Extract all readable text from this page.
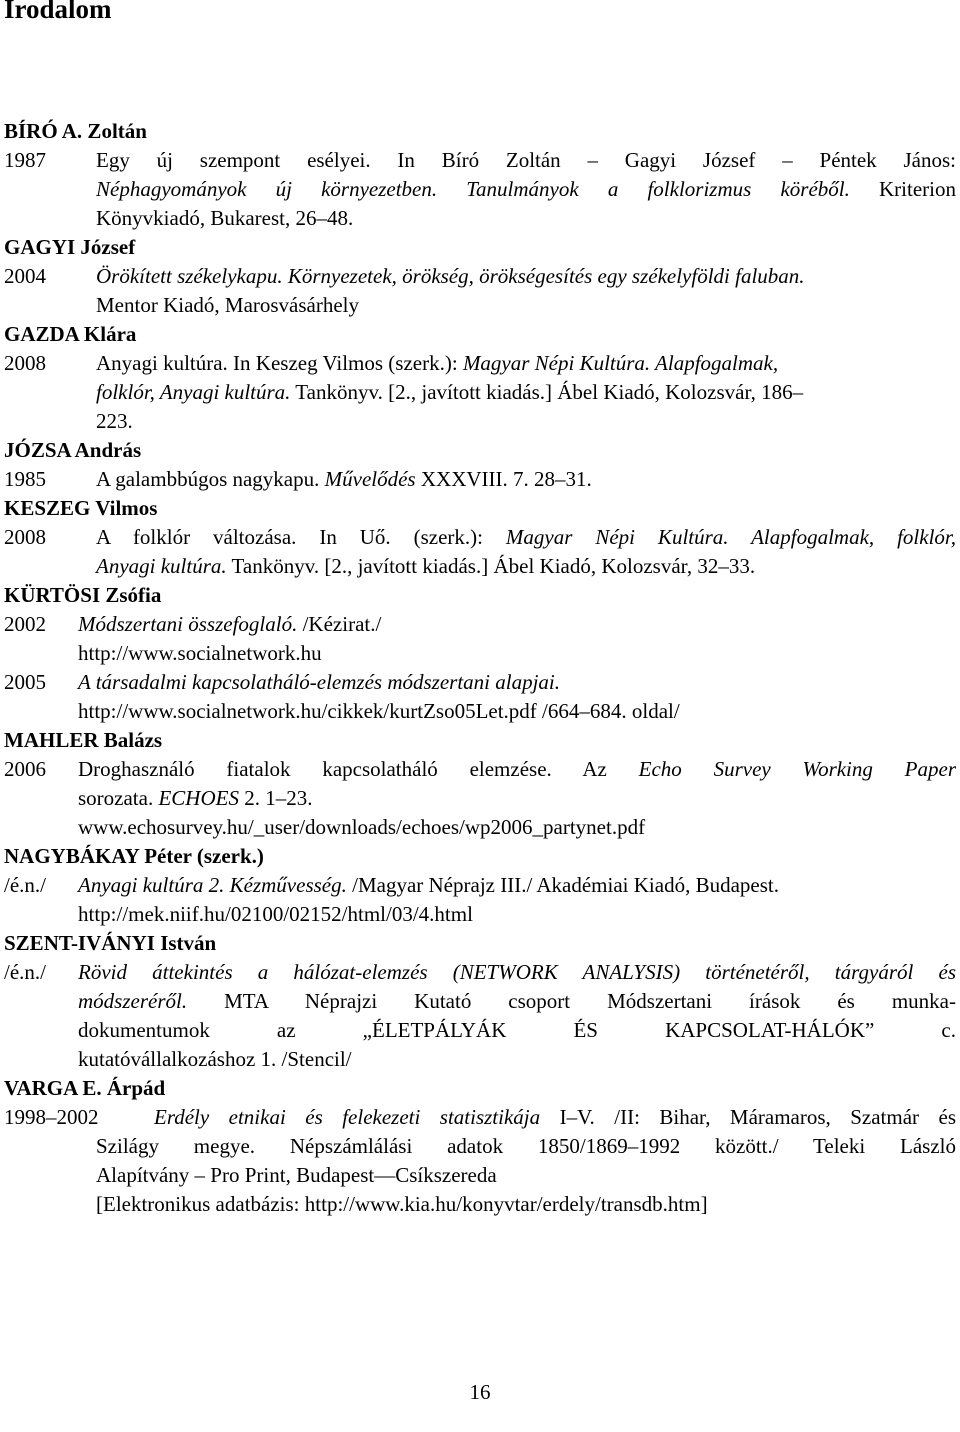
Irodalom
BÍRÓ A. Zoltán
1987 Egy új szempont esélyei. In Bíró Zoltán – Gagyi József – Péntek János:
Néphagyományok új környezetben. Tanulmányok a folklorizmus köréből. Kriterion
Könyvkiadó, Bukarest, 26–48.
GAGYI József
2004 Örökített székelykapu. Környezetek, örökség, örökségesítés egy székelyföldi faluban.
Mentor Kiadó, Marosvásárhely
GAZDA Klára
2008 Anyagi kultúra. In Keszeg Vilmos (szerk.): Magyar Népi Kultúra. Alapfogalmak,
folklór, Anyagi kultúra. Tankönyv. [2., javított kiadás.] Ábel Kiadó, Kolozsvár, 186–
223.
JÓZSA András
1985 A galambbúgos nagykapu. Művelődés XXXVIII. 7. 28–31.
KESZEG Vilmos
2008 A folklór változása. In Uő. (szerk.): Magyar Népi Kultúra. Alapfogalmak, folklór,
Anyagi kultúra. Tankönyv. [2., javított kiadás.] Ábel Kiadó, Kolozsvár, 32–33.
KÜRTÖSI Zsófia
2002 Módszertani összefoglaló. /Kézirat./
http://www.socialnetwork.hu
2005 A társadalmi kapcsolatháló-elemzés módszertani alapjai.
http://www.socialnetwork.hu/cikkek/kurtZso05Let.pdf /664–684. oldal/
MAHLER Balázs
2006 Droghasználó fiatalok kapcsolatháló elemzése. Az Echo Survey Working Paper
sorozata. ECHOES 2. 1–23.
www.echosurvey.hu/_user/downloads/echoes/wp2006_partynet.pdf
NAGYBÁKAY Péter (szerk.)
/é.n./ Anyagi kultúra 2. Kézművesség. /Magyar Néprajz III./ Akadémiai Kiadó, Budapest.
http://mek.niif.hu/02100/02152/html/03/4.html
SZENT-IVÁNYI István
/é.n./ Rövid áttekintés a hálózat-elemzés (NETWORK ANALYSIS) történetéről, tárgyáról és
módszeréről. MTA Néprajzi Kutató csoport Módszertani írások és munka-
dokumentumok az „ÉLETPÁLYÁK ÉS KAPCSOLAT-HÁLÓK” c.
kutatóvállalkozáshoz 1. /Stencil/
VARGA E. Árpád
1998–2002	Erdély etnikai és felekezeti statisztikája I–V. /II: Bihar, Máramaros, Szatmár és
Szilágy megye. Népszámlálási adatok 1850/1869–1992 között./ Teleki László
Alapítvány – Pro Print, Budapest—Csíkszereda
[Elektronikus adatbázis: http://www.kia.hu/konyvtar/erdely/transdb.htm]
16
